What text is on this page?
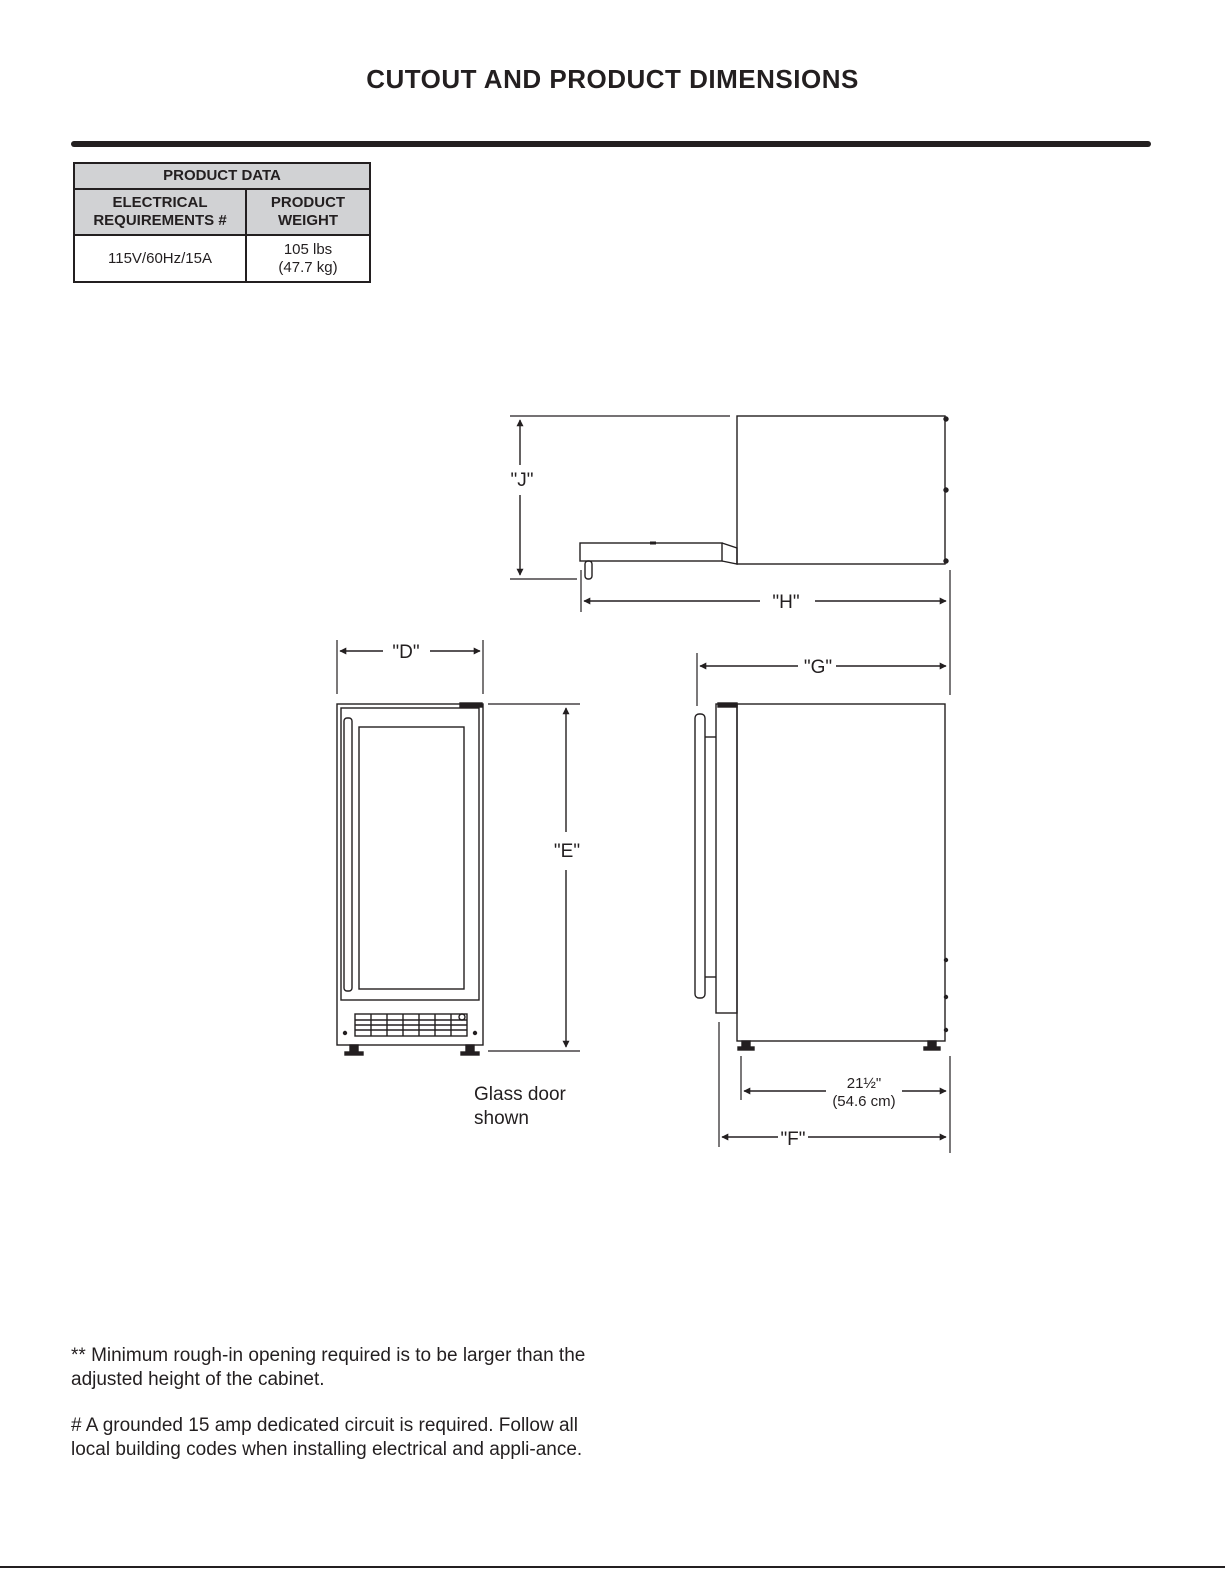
CUTOUT AND PRODUCT DIMENSIONS
PRODUCT DATA	
ELECTRICAL REQUIREMENTS #	PRODUCT WEIGHT
115V/60Hz/15A	105 lbs
(47.7 kg)
"J"
"H"
"D"
"G"
"E"
"F"
21½"
(54.6 cm)
Glass door shown

** Minimum rough-in opening required is to be larger than the adjusted height of the cabinet.

# A grounded 15 amp dedicated circuit is required. Follow all local building codes when installing electrical and appli-ance.
